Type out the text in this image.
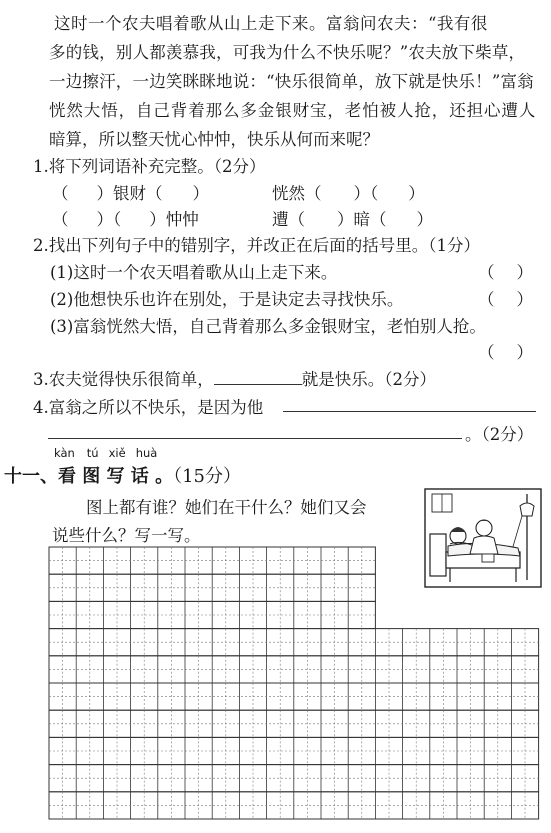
这时一个农夫唱着歌从山上走下来。富翁问农夫：“我有很
多的钱，别人都羡慕我，可我为什么不快乐呢？”农夫放下柴草，
一边擦汗，一边笑眯眯地说：“快乐很简单，放下就是快乐！”富翁
恍然大悟，自己背着那么多金银财宝，老怕被人抢，还担心遭人
暗算，所以整天忧心忡忡，快乐从何而来呢？
1.将下列词语补充完整。（2分）
（ ）银财（ ）	恍然（ ）（ ）
（ ）（ ）忡忡	遭（ ）暗（ ）
2.找出下列句子中的错别字，并改正在后面的括号里。（1分）
(1)这时一个农天唱着歌从山上走下来。	（ ）
(2)他想快乐也许在别处，于是诀定去寻找快乐。	（ ）
(3)富翁恍然大悟，自己背着那么多金银财宝，老怕别人抢。
（ ）
3.农夫觉得快乐很简单，	就是快乐。（2分）
4.富翁之所以不快乐，是因为他
。（2分）
kàn tú xiě huà
十一、看 图 写 话 。（15分）
图上都有谁？她们在干什么？她们又会
说些什么？写一写。
